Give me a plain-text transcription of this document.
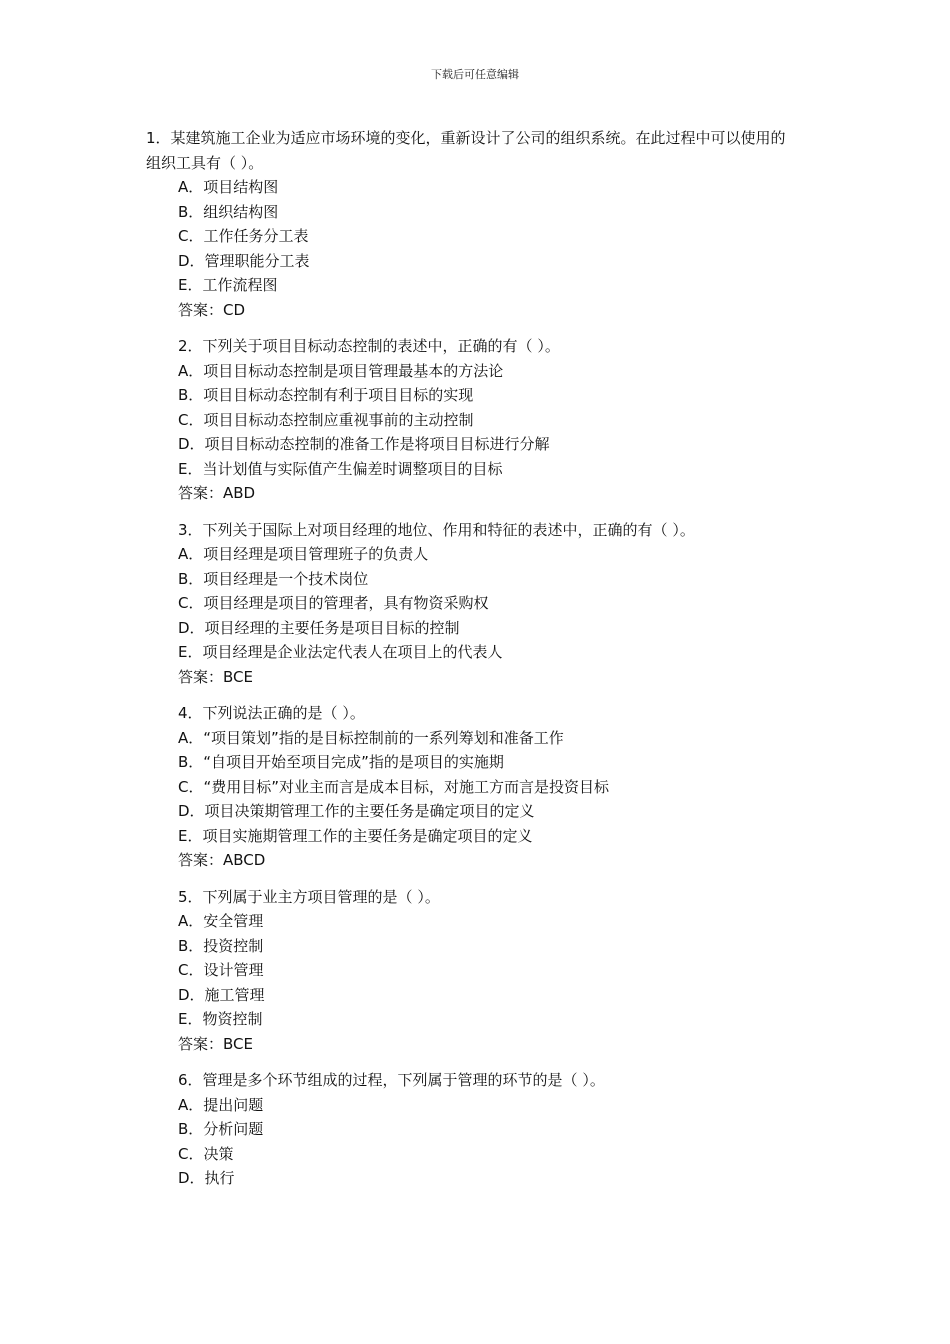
下载后可任意编辑
1．某建筑施工企业为适应市场环境的变化，重新设计了公司的组织系统。在此过程中可以使用的组织工具有（ ）。
A．项目结构图
B．组织结构图
C．工作任务分工表
D．管理职能分工表
E．工作流程图
答案：CD
2．下列关于项目目标动态控制的表述中，正确的有（ ）。
A．项目目标动态控制是项目管理最基本的方法论
B．项目目标动态控制有利于项目目标的实现
C．项目目标动态控制应重视事前的主动控制
D．项目目标动态控制的准备工作是将项目目标进行分解
E．当计划值与实际值产生偏差时调整项目的目标
答案：ABD
3．下列关于国际上对项目经理的地位、作用和特征的表述中，正确的有（ ）。
A．项目经理是项目管理班子的负责人
B．项目经理是一个技术岗位
C．项目经理是项目的管理者，具有物资采购权
D．项目经理的主要任务是项目目标的控制
E．项目经理是企业法定代表人在项目上的代表人
答案：BCE
4．下列说法正确的是（ ）。
A．“项目策划”指的是目标控制前的一系列筹划和准备工作
B．“自项目开始至项目完成”指的是项目的实施期
C．“费用目标”对业主而言是成本目标，对施工方而言是投资目标
D．项目决策期管理工作的主要任务是确定项目的定义
E．项目实施期管理工作的主要任务是确定项目的定义
答案：ABCD
5．下列属于业主方项目管理的是（ ）。
A．安全管理
B．投资控制
C．设计管理
D．施工管理
E．物资控制
答案：BCE
6．管理是多个环节组成的过程，下列属于管理的环节的是（ ）。
A．提出问题
B．分析问题
C．决策
D．执行
